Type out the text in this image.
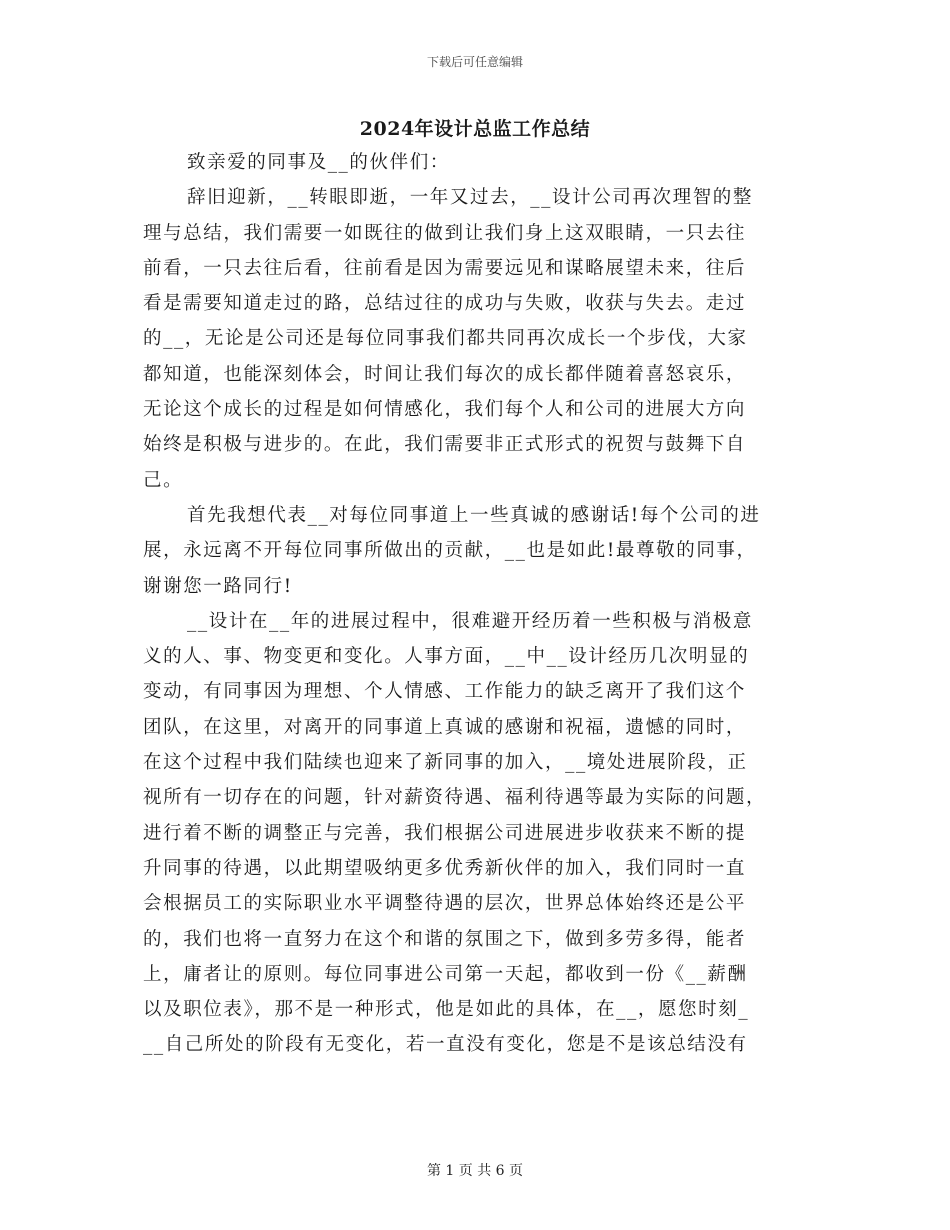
下载后可任意编辑
2024年设计总监工作总结
致亲爱的同事及__的伙伴们：
辞旧迎新，__转眼即逝，一年又过去，__设计公司再次理智的整
理与总结，我们需要一如既往的做到让我们身上这双眼睛，一只去往
前看，一只去往后看，往前看是因为需要远见和谋略展望未来，往后
看是需要知道走过的路，总结过往的成功与失败，收获与失去。走过
的__，无论是公司还是每位同事我们都共同再次成长一个步伐，大家
都知道，也能深刻体会，时间让我们每次的成长都伴随着喜怒哀乐，
无论这个成长的过程是如何情感化，我们每个人和公司的进展大方向
始终是积极与进步的。在此，我们需要非正式形式的祝贺与鼓舞下自
己。
首先我想代表__对每位同事道上一些真诚的感谢话!每个公司的进
展，永远离不开每位同事所做出的贡献，__也是如此!最尊敬的同事，
谢谢您一路同行!
__设计在__年的进展过程中，很难避开经历着一些积极与消极意
义的人、事、物变更和变化。人事方面，__中__设计经历几次明显的
变动，有同事因为理想、个人情感、工作能力的缺乏离开了我们这个
团队，在这里，对离开的同事道上真诚的感谢和祝福，遗憾的同时，
在这个过程中我们陆续也迎来了新同事的加入，__境处进展阶段，正
视所有一切存在的问题，针对薪资待遇、福利待遇等最为实际的问题，
进行着不断的调整正与完善，我们根据公司进展进步收获来不断的提
升同事的待遇，以此期望吸纳更多优秀新伙伴的加入，我们同时一直
会根据员工的实际职业水平调整待遇的层次，世界总体始终还是公平
的，我们也将一直努力在这个和谐的氛围之下，做到多劳多得，能者
上，庸者让的原则。每位同事进公司第一天起，都收到一份《__薪酬
以及职位表》，那不是一种形式，他是如此的具体，在__，愿您时刻_
__自己所处的阶段有无变化，若一直没有变化，您是不是该总结没有
第 1 页 共 6 页
